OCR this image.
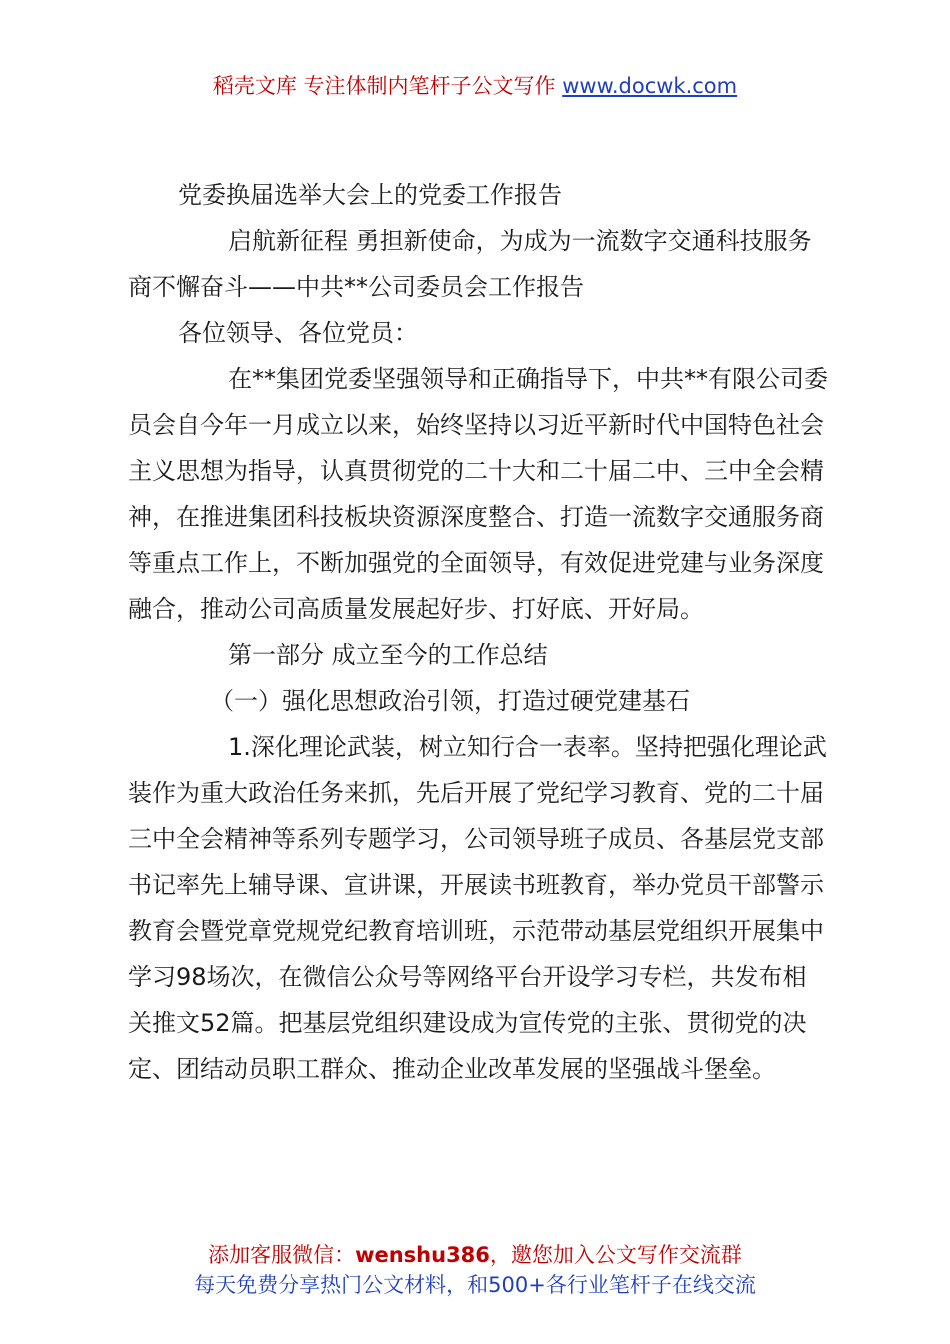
稻壳文库 专注体制内笔杆子公文写作 www.docwk.com

党委换届选举大会上的党委工作报告

启航新征程 勇担新使命，为成为一流数字交通科技服务商不懈奋斗——中共**公司委员会工作报告

各位领导、各位党员：

在**集团党委坚强领导和正确指导下，中共**有限公司委员会自今年一月成立以来，始终坚持以习近平新时代中国特色社会主义思想为指导，认真贯彻党的二十大和二十届二中、三中全会精神，在推进集团科技板块资源深度整合、打造一流数字交通服务商等重点工作上，不断加强党的全面领导，有效促进党建与业务深度融合，推动公司高质量发展起好步、打好底、开好局。

第一部分 成立至今的工作总结

（一）强化思想政治引领，打造过硬党建基石

1.深化理论武装，树立知行合一表率。坚持把强化理论武装作为重大政治任务来抓，先后开展了党纪学习教育、党的二十届三中全会精神等系列专题学习，公司领导班子成员、各基层党支部书记率先上辅导课、宣讲课，开展读书班教育，举办党员干部警示教育会暨党章党规党纪教育培训班，示范带动基层党组织开展集中学习98场次，在微信公众号等网络平台开设学习专栏，共发布相关推文52篇。把基层党组织建设成为宣传党的主张、贯彻党的决定、团结动员职工群众、推动企业改革发展的坚强战斗堡垒。

添加客服微信：wenshu386，邀您加入公文写作交流群
每天免费分享热门公文材料，和500+各行业笔杆子在线交流
